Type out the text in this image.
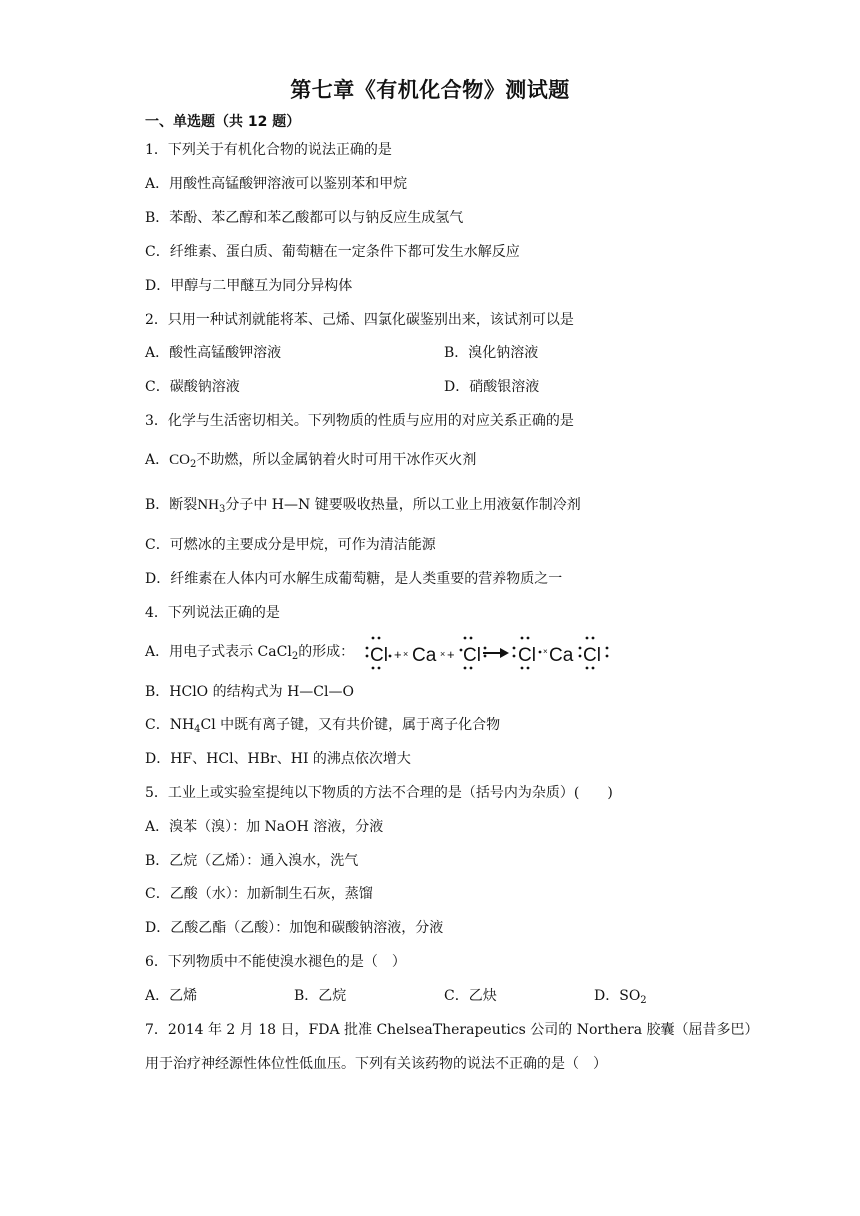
第七章《有机化合物》测试题
一、单选题（共 12 题）
1．下列关于有机化合物的说法正确的是
A．用酸性高锰酸钾溶液可以鉴别苯和甲烷
B．苯酚、苯乙醇和苯乙酸都可以与钠反应生成氢气
C．纤维素、蛋白质、葡萄糖在一定条件下都可发生水解反应
D．甲醇与二甲醚互为同分异构体
2．只用一种试剂就能将苯、己烯、四氯化碳鉴别出来，该试剂可以是
A．酸性高锰酸钾溶液	B．溴化钠溶液
C．碳酸钠溶液	D．硝酸银溶液
3．化学与生活密切相关。下列物质的性质与应用的对应关系正确的是
A．$CO_2$不助燃，所以金属钠着火时可用干冰作灭火剂
B．断裂$NH_3$分子中 H—N 键要吸收热量，所以工业上用液氨作制冷剂
C．可燃冰的主要成分是甲烷，可作为清洁能源
D．纤维素在人体内可水解生成葡萄糖，是人类重要的营养物质之一
4．下列说法正确的是
A．用电子式表示 CaCl$_2$的形成： Cl + × Ca × + Cl Cl × Ca Cl
B．HClO 的结构式为 H—Cl—O
C．$NH_4Cl$ 中既有离子键，又有共价键，属于离子化合物
D．HF、HCl、HBr、HI 的沸点依次增大
5．工业上或实验室提纯以下物质的方法不合理的是（括号内为杂质）(　　)
A．溴苯（溴）：加 NaOH 溶液，分液
B．乙烷（乙烯）：通入溴水，洗气
C．乙酸（水）：加新制生石灰，蒸馏
D．乙酸乙酯（乙酸）：加饱和碳酸钠溶液，分液
6．下列物质中不能使溴水褪色的是（　）
A．乙烯	B．乙烷	C．乙炔	D．$SO_2$
7．2014 年 2 月 18 日，FDA 批准 ChelseaTherapeutics 公司的 Northera 胶囊（屈昔多巴）
用于治疗神经源性体位性低血压。下列有关该药物的说法不正确的是（　）
